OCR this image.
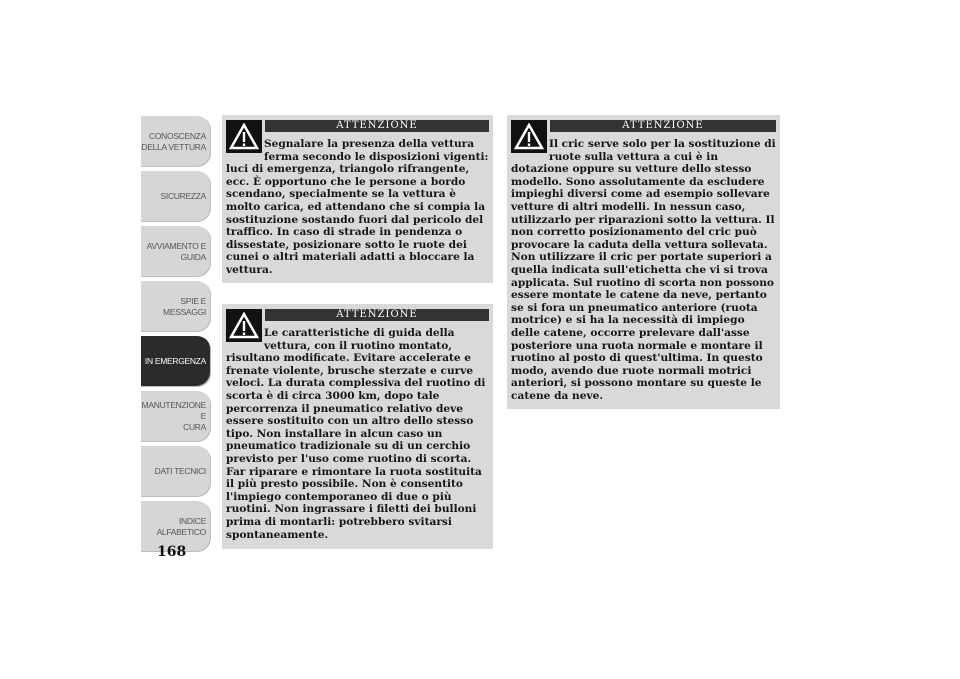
CONOSCENZA
DELLA VETTURA
SICUREZZA
AVVIAMENTO E
GUIDA
SPIE E MESSAGGI
IN EMERGENZA
MANUTENZIONE E
CURA
DATI TECNICI
INDICE
ALFABETICO
168
ATTENZIONE
Segnalare la presenza della vettura ferma secondo le disposizioni vigenti:
luci di emergenza, triangolo rifrangente, ecc. È opportuno che le persone a bordo scendano, specialmente se la vettura è molto carica, ed attendano che si compia la sostituzione sostando fuori dal pericolo del traffico. In caso di strade in pendenza o dissestate, posizionare sotto le ruote dei cunei o altri materiali adatti a bloccare la vettura.
ATTENZIONE
Le caratteristiche di guida della vettura, con il ruotino montato,
risultano modificate. Evitare accelerate e frenate violente, brusche sterzate e curve veloci. La durata complessiva del ruotino di scorta è di circa 3000 km, dopo tale percorrenza il pneumatico relativo deve essere sostituito con un altro dello stesso tipo. Non installare in alcun caso un pneumatico tradizionale su di un cerchio previsto per l'uso come ruotino di scorta. Far riparare e rimontare la ruota sostituita il più presto possibile. Non è consentito l'impiego contemporaneo di due o più ruotini. Non ingrassare i filetti dei bulloni prima di montarli: potrebbero svitarsi spontaneamente.
ATTENZIONE
Il cric serve solo per la sostituzione di ruote sulla vettura a cui è in
dotazione oppure su vetture dello stesso modello. Sono assolutamente da escludere impieghi diversi come ad esempio sollevare vetture di altri modelli. In nessun caso, utilizzarlo per riparazioni sotto la vettura. Il non corretto posizionamento del cric può provocare la caduta della vettura sollevata. Non utilizzare il cric per portate superiori a quella indicata sull'etichetta che vi si trova applicata. Sul ruotino di scorta non possono essere montate le catene da neve, pertanto se si fora un pneumatico anteriore (ruota motrice) e si ha la necessità di impiego delle catene, occorre prelevare dall'asse posteriore una ruota normale e montare il ruotino al posto di quest'ultima. In questo modo, avendo due ruote normali motrici anteriori, si possono montare su queste le catene da neve.
